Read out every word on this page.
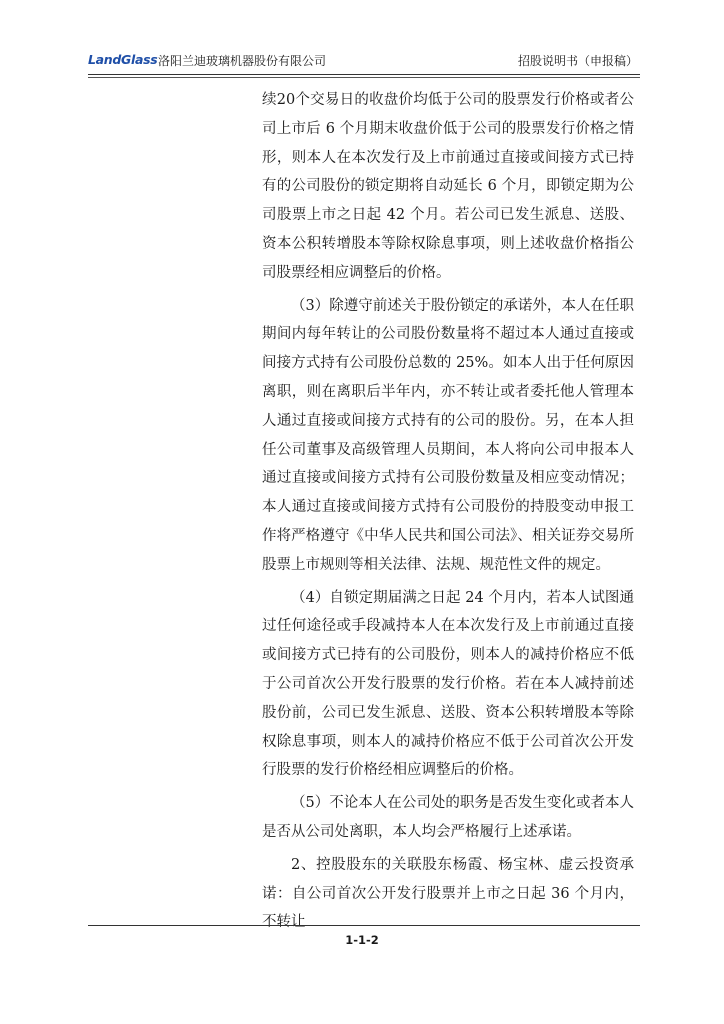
LandGlass 洛阳兰迪玻璃机器股份有限公司	招股说明书（申报稿）

续20个交易日的收盘价均低于公司的股票发行价格或者公司上市后 6 个月期末收盘价低于公司的股票发行价格之情形，则本人在本次发行及上市前通过直接或间接方式已持有的公司股份的锁定期将自动延长 6 个月，即锁定期为公司股票上市之日起 42 个月。若公司已发生派息、送股、资本公积转增股本等除权除息事项，则上述收盘价格指公司股票经相应调整后的价格。

（3）除遵守前述关于股份锁定的承诺外，本人在任职期间内每年转让的公司股份数量将不超过本人通过直接或间接方式持有公司股份总数的 25%。如本人出于任何原因离职，则在离职后半年内，亦不转让或者委托他人管理本人通过直接或间接方式持有的公司的股份。另，在本人担任公司董事及高级管理人员期间，本人将向公司申报本人通过直接或间接方式持有公司股份数量及相应变动情况；本人通过直接或间接方式持有公司股份的持股变动申报工作将严格遵守《中华人民共和国公司法》、相关证券交易所股票上市规则等相关法律、法规、规范性文件的规定。

（4）自锁定期届满之日起 24 个月内，若本人试图通过任何途径或手段减持本人在本次发行及上市前通过直接或间接方式已持有的公司股份，则本人的减持价格应不低于公司首次公开发行股票的发行价格。若在本人减持前述股份前，公司已发生派息、送股、资本公积转增股本等除权除息事项，则本人的减持价格应不低于公司首次公开发行股票的发行价格经相应调整后的价格。

（5）不论本人在公司处的职务是否发生变化或者本人是否从公司处离职，本人均会严格履行上述承诺。

2、控股股东的关联股东杨霞、杨宝林、虚云投资承诺：自公司首次公开发行股票并上市之日起 36 个月内，不转让

1-1-2
